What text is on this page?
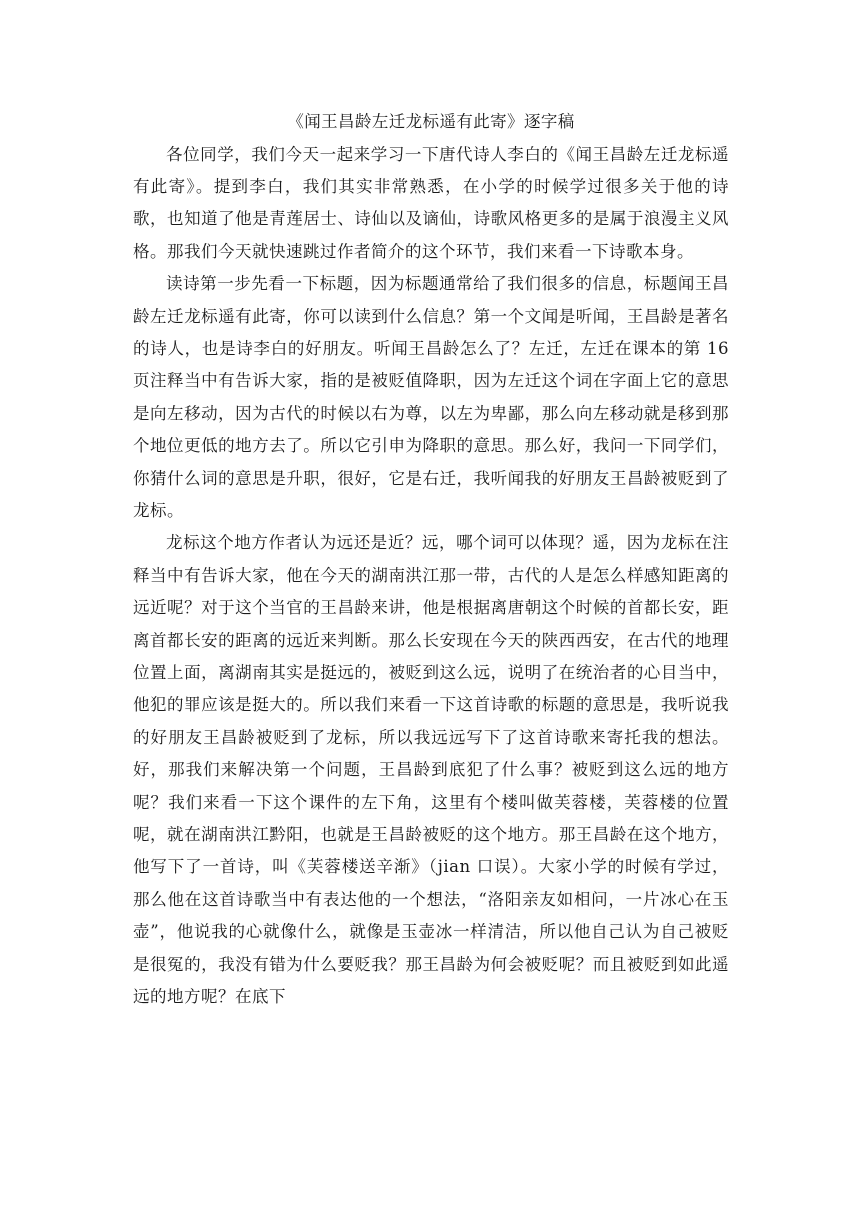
《闻王昌龄左迁龙标遥有此寄》逐字稿

各位同学，我们今天一起来学习一下唐代诗人李白的《闻王昌龄左迁龙标遥有此寄》。提到李白，我们其实非常熟悉，在小学的时候学过很多关于他的诗歌，也知道了他是青莲居士、诗仙以及谪仙，诗歌风格更多的是属于浪漫主义风格。那我们今天就快速跳过作者简介的这个环节，我们来看一下诗歌本身。

读诗第一步先看一下标题，因为标题通常给了我们很多的信息，标题闻王昌龄左迁龙标遥有此寄，你可以读到什么信息？第一个文闻是听闻，王昌龄是著名的诗人，也是诗李白的好朋友。听闻王昌龄怎么了？左迁，左迁在课本的第 16 页注释当中有告诉大家，指的是被贬值降职，因为左迁这个词在字面上它的意思是向左移动，因为古代的时候以右为尊，以左为卑鄙，那么向左移动就是移到那个地位更低的地方去了。所以它引申为降职的意思。那么好，我问一下同学们，你猜什么词的意思是升职，很好，它是右迁，我听闻我的好朋友王昌龄被贬到了龙标。

龙标这个地方作者认为远还是近？远，哪个词可以体现？遥，因为龙标在注释当中有告诉大家，他在今天的湖南洪江那一带，古代的人是怎么样感知距离的远近呢？对于这个当官的王昌龄来讲，他是根据离唐朝这个时候的首都长安，距离首都长安的距离的远近来判断。那么长安现在今天的陕西西安，在古代的地理位置上面，离湖南其实是挺远的，被贬到这么远，说明了在统治者的心目当中，他犯的罪应该是挺大的。所以我们来看一下这首诗歌的标题的意思是，我听说我的好朋友王昌龄被贬到了龙标，所以我远远写下了这首诗歌来寄托我的想法。好，那我们来解决第一个问题，王昌龄到底犯了什么事？被贬到这么远的地方呢？我们来看一下这个课件的左下角，这里有个楼叫做芙蓉楼，芙蓉楼的位置呢，就在湖南洪江黔阳，也就是王昌龄被贬的这个地方。那王昌龄在这个地方，他写下了一首诗，叫《芙蓉楼送辛渐》（jian 口误）。大家小学的时候有学过，那么他在这首诗歌当中有表达他的一个想法，“洛阳亲友如相问，一片冰心在玉壶”，他说我的心就像什么，就像是玉壶冰一样清洁，所以他自己认为自己被贬是很冤的，我没有错为什么要贬我？那王昌龄为何会被贬呢？而且被贬到如此遥远的地方呢？在底下
